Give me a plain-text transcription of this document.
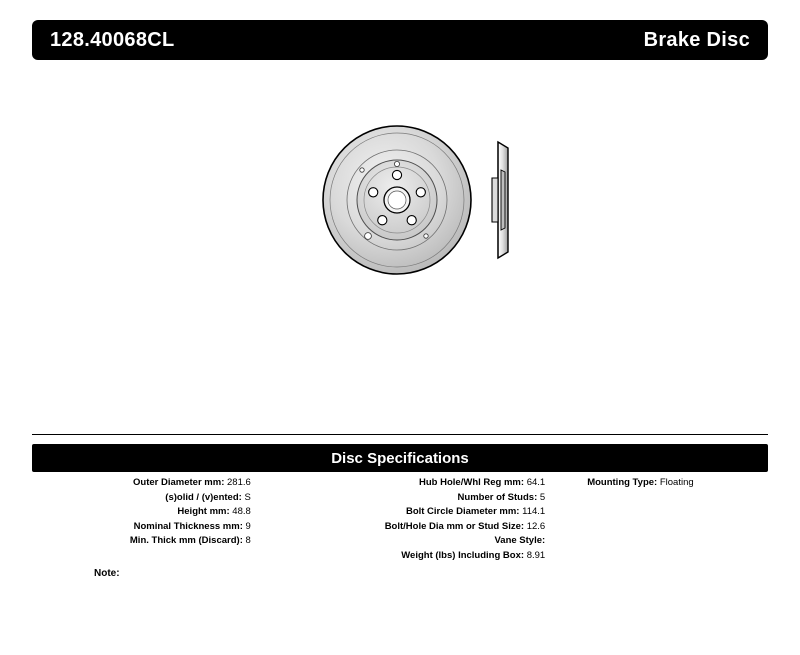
128.40068CL	Brake Disc
Disc Specifications
Outer Diameter mm: 281.6
(s)olid / (v)ented: S
Height mm: 48.8
Nominal Thickness mm: 9
Min. Thick mm (Discard): 8
Hub Hole/Whl Reg mm: 64.1
Number of Studs: 5
Bolt Circle Diameter mm: 114.1
Bolt/Hole Dia mm or Stud Size: 12.6
Vane Style:
Weight (lbs) Including Box: 8.91
Mounting Type: Floating
Note:
